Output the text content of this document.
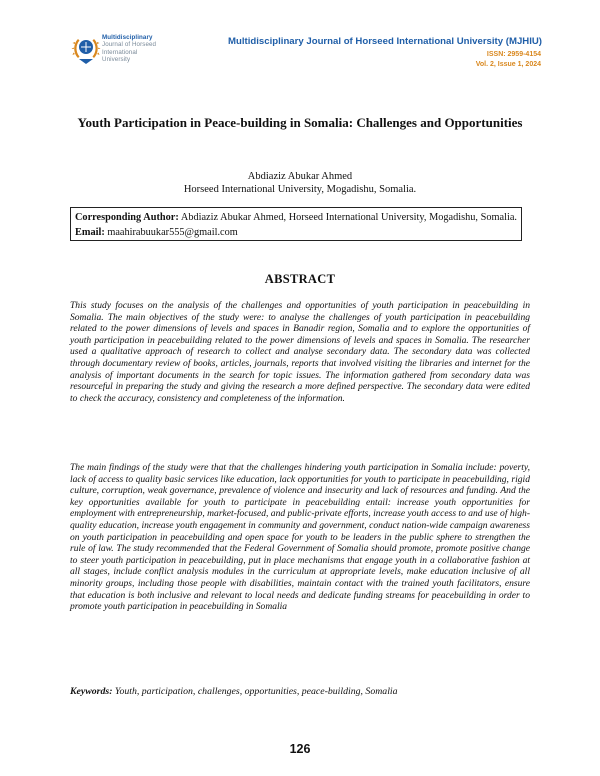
Multidisciplinary
Journal of Horseed
International
University
Multidisciplinary Journal of Horseed International University (MJHIU)
ISSN: 2959-4154
Vol. 2, Issue 1, 2024
Youth Participation in Peace-building in Somalia: Challenges and Opportunities
Abdiaziz Abukar Ahmed
Horseed International University, Mogadishu, Somalia.
Corresponding Author: Abdiaziz Abukar Ahmed, Horseed International University, Mogadishu, Somalia. Email: maahirabuukar555@gmail.com
ABSTRACT

This study focuses on the analysis of the challenges and opportunities of youth participation in peacebuilding in Somalia. The main objectives of the study were: to analyse the challenges of youth participation in peacebuilding related to the power dimensions of levels and spaces in Banadir region, Somalia and to explore the opportunities of youth participation in peacebuilding related to the power dimensions of levels and spaces in Somalia. The researcher used a qualitative approach of research to collect and analyse secondary data. The secondary data was collected through documentary review of books, articles, journals, reports that involved visiting the libraries and internet for the analysis of important documents in the search for topic issues. The information gathered from secondary data was resourceful in preparing the study and giving the research a more defined perspective. The secondary data were edited to check the accuracy, consistency and completeness of the information.

The main findings of the study were that that the challenges hindering youth participation in Somalia include: poverty, lack of access to quality basic services like education, lack opportunities for youth to participate in peacebuilding, rigid culture, corruption, weak governance, prevalence of violence and insecurity and lack of resources and funding. And the key opportunities available for youth to participate in peacebuilding entail: increase youth opportunities for employment with entrepreneurship, market-focused, and public-private efforts, increase youth access to and use of high-quality education, increase youth engagement in community and government, conduct nation-wide campaign awareness on youth participation in peacebuilding and open space for youth to be leaders in the public sphere to strengthen the rule of law. The study recommended that the Federal Government of Somalia should promote, promote positive change to steer youth participation in peacebuilding, put in place mechanisms that engage youth in a collaborative fashion at all stages, include conflict analysis modules in the curriculum at appropriate levels, make education inclusive of all minority groups, including those people with disabilities, maintain contact with the trained youth facilitators, ensure that education is both inclusive and relevant to local needs and dedicate funding streams for peacebuilding in order to promote youth participation in peacebuilding in Somalia

Keywords: Youth, participation, challenges, opportunities, peace-building, Somalia
126
